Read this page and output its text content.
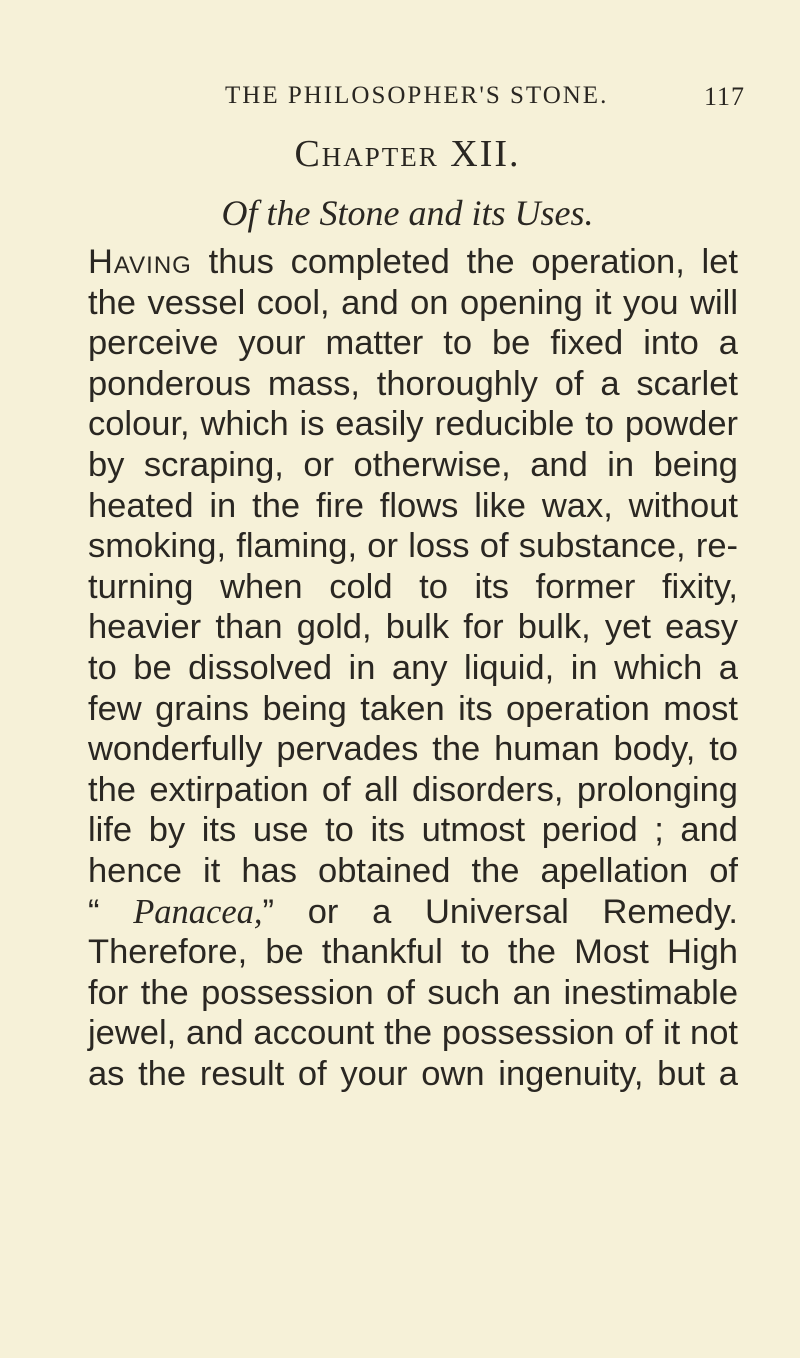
THE PHILOSOPHER'S STONE.	117
Chapter XII.
Of the Stone and its Uses.
Having thus completed the operation, let
the vessel cool, and on opening it you will
perceive your matter to be fixed into a
ponderous mass, thoroughly of a scarlet
colour, which is easily reducible to powder
by scraping, or otherwise, and in being
heated in the fire flows like wax, without
smoking, flaming, or loss of substance, re-
turning when cold to its former fixity,
heavier than gold, bulk for bulk, yet easy
to be dissolved in any liquid, in which a
few grains being taken its operation most
wonderfully pervades the human body, to
the extirpation of all disorders, prolonging
life by its use to its utmost period ; and
hence it has obtained the apellation of
“ Panacea,” or a Universal Remedy.
Therefore, be thankful to the Most High
for the possession of such an inestimable
jewel, and account the possession of it not
as the result of your own ingenuity, but a
